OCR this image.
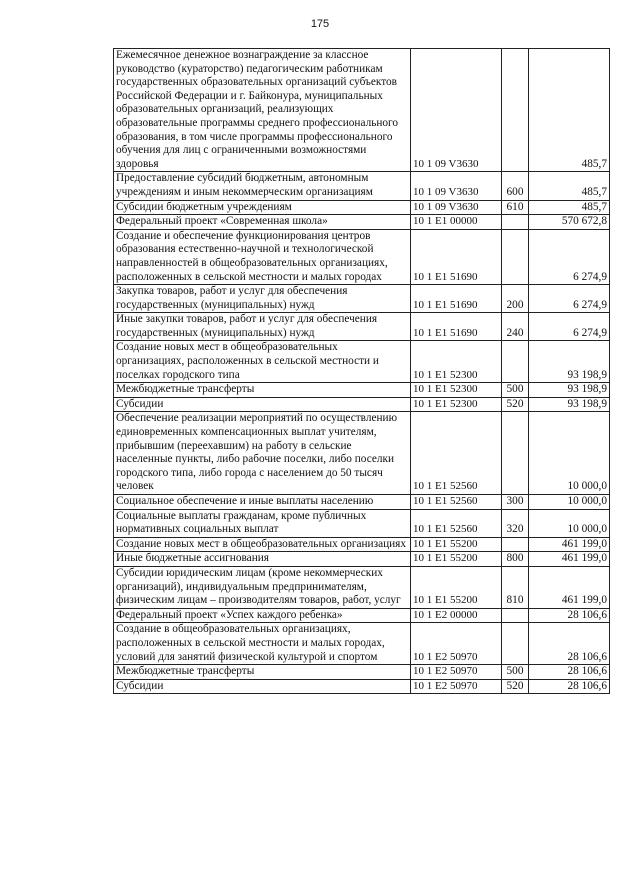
175
Ежемесячное денежное вознаграждение за классное руководство (кураторство) педагогическим работникам государственных образовательных организаций субъектов Российской Федерации и г. Байконура, муниципальных образовательных организаций, реализующих образовательные программы среднего профессионального образования, в том числе программы профессионального обучения для лиц с ограниченными возможностями здоровья	10 1 09 V3630		485,7
Предоставление субсидий бюджетным, автономным учреждениям и иным некоммерческим организациям	10 1 09 V3630	600	485,7
Субсидии бюджетным учреждениям	10 1 09 V3630	610	485,7
Федеральный проект «Современная школа»	10 1 E1 00000		570 672,8
Создание и обеспечение функционирования центров образования естественно-научной и технологической направленностей в общеобразовательных организациях, расположенных в сельской местности и малых городах	10 1 E1 51690		6 274,9
Закупка товаров, работ и услуг для обеспечения государственных (муниципальных) нужд	10 1 E1 51690	200	6 274,9
Иные закупки товаров, работ и услуг для обеспечения государственных (муниципальных) нужд	10 1 E1 51690	240	6 274,9
Создание новых мест в общеобразовательных организациях, расположенных в сельской местности и поселках городского типа	10 1 E1 52300		93 198,9
Межбюджетные трансферты	10 1 E1 52300	500	93 198,9
Субсидии	10 1 E1 52300	520	93 198,9
Обеспечение реализации мероприятий по осуществлению единовременных компенсационных выплат учителям, прибывшим (переехавшим) на работу в сельские населенные пункты, либо рабочие поселки, либо поселки городского типа, либо города с населением до 50 тысяч человек	10 1 E1 52560		10 000,0
Социальное обеспечение и иные выплаты населению	10 1 E1 52560	300	10 000,0
Социальные выплаты гражданам, кроме публичных нормативных социальных выплат	10 1 E1 52560	320	10 000,0
Создание новых мест в общеобразовательных организациях	10 1 E1 55200		461 199,0
Иные бюджетные ассигнования	10 1 E1 55200	800	461 199,0
Субсидии юридическим лицам (кроме некоммерческих организаций), индивидуальным предпринимателям, физическим лицам – производителям товаров, работ, услуг	10 1 E1 55200	810	461 199,0
Федеральный проект «Успех каждого ребенка»	10 1 E2 00000		28 106,6
Создание в общеобразовательных организациях, расположенных в сельской местности и малых городах, условий для занятий физической культурой и спортом	10 1 E2 50970		28 106,6
Межбюджетные трансферты	10 1 E2 50970	500	28 106,6
Субсидии	10 1 E2 50970	520	28 106,6
